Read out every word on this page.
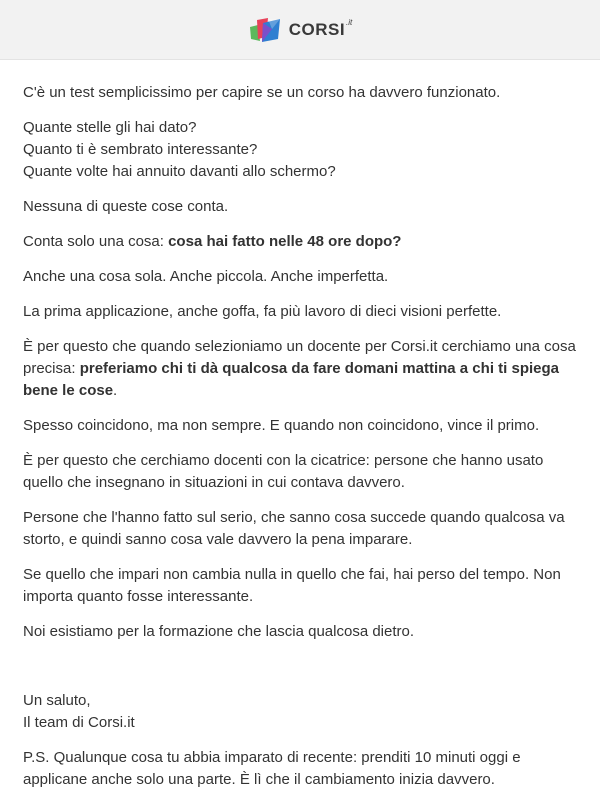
CORSI .it

C'è un test semplicissimo per capire se un corso ha davvero funzionato.

Quante stelle gli hai dato?
Quanto ti è sembrato interessante?
Quante volte hai annuito davanti allo schermo?

Nessuna di queste cose conta.

Conta solo una cosa: cosa hai fatto nelle 48 ore dopo?

Anche una cosa sola. Anche piccola. Anche imperfetta.

La prima applicazione, anche goffa, fa più lavoro di dieci visioni perfette.

È per questo che quando selezioniamo un docente per Corsi.it cerchiamo una cosa precisa: preferiamo chi ti dà qualcosa da fare domani mattina a chi ti spiega bene le cose.

Spesso coincidono, ma non sempre. E quando non coincidono, vince il primo.

È per questo che cerchiamo docenti con la cicatrice: persone che hanno usato quello che insegnano in situazioni in cui contava davvero.

Persone che l'hanno fatto sul serio, che sanno cosa succede quando qualcosa va storto, e quindi sanno cosa vale davvero la pena imparare.

Se quello che impari non cambia nulla in quello che fai, hai perso del tempo. Non importa quanto fosse interessante.

Noi esistiamo per la formazione che lascia qualcosa dietro.

Un saluto,
Il team di Corsi.it

P.S. Qualunque cosa tu abbia imparato di recente: prenditi 10 minuti oggi e applicane anche solo una parte. È lì che il cambiamento inizia davvero.
